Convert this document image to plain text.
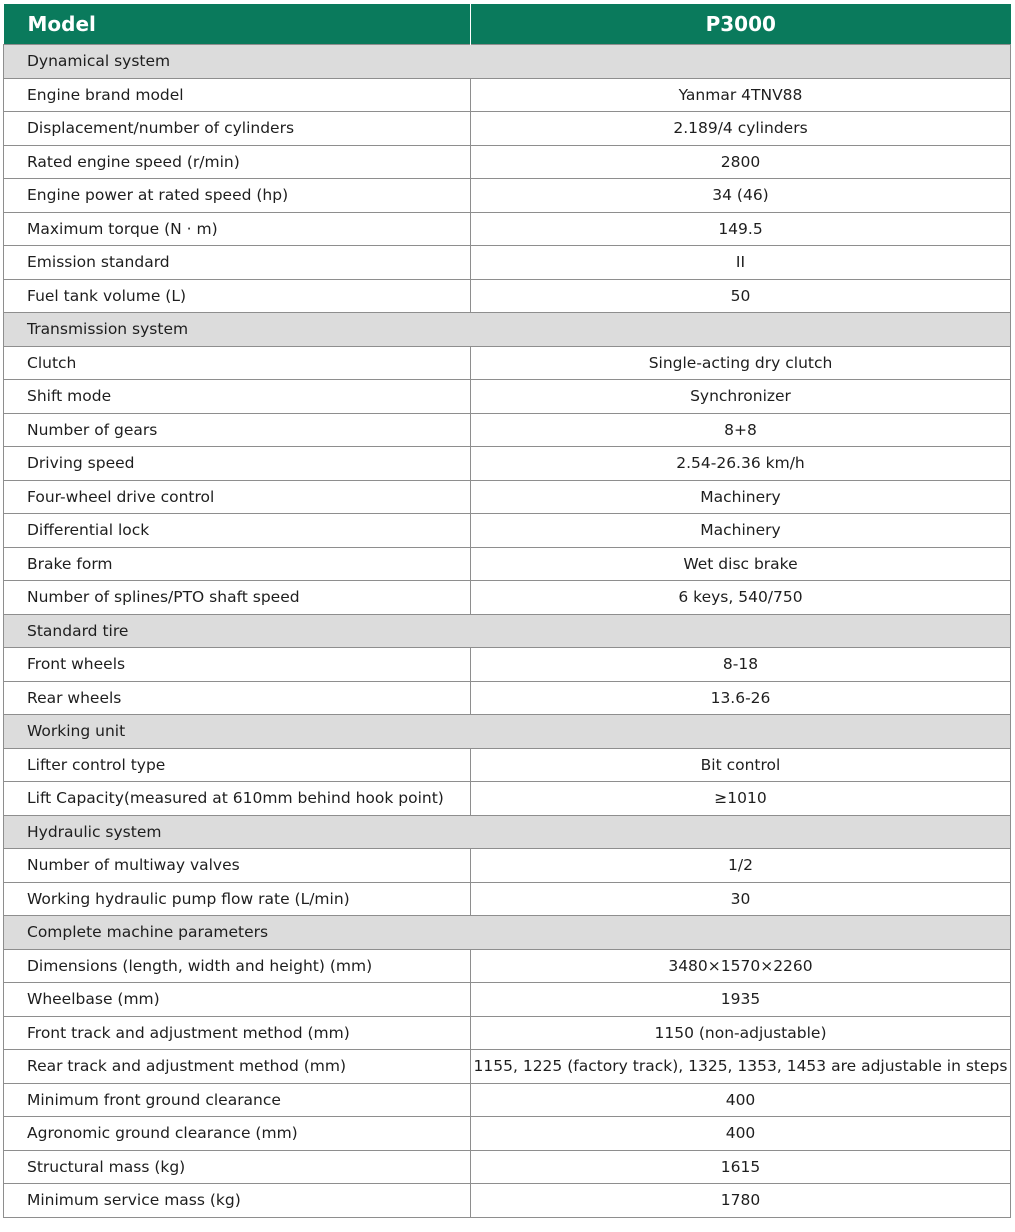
Model	P3000
Dynamical system	
Engine brand model	Yanmar 4TNV88
Displacement/number of cylinders	2.189/4 cylinders
Rated engine speed (r/min)	2800
Engine power at rated speed (hp)	34 (46)
Maximum torque (N · m)	149.5
Emission standard	II
Fuel tank volume (L)	50
Transmission system	
Clutch	Single-acting dry clutch
Shift mode	Synchronizer
Number of gears	8+8
Driving speed	2.54-26.36 km/h
Four-wheel drive control	Machinery
Differential lock	Machinery
Brake form	Wet disc brake
Number of splines/PTO shaft speed	6 keys, 540/750
Standard tire	
Front wheels	8-18
Rear wheels	13.6-26
Working unit	
Lifter control type	Bit control
Lift Capacity(measured at 610mm behind hook point)	≥1010
Hydraulic system	
Number of multiway valves	1/2
Working hydraulic pump flow rate (L/min)	30
Complete machine parameters	
Dimensions (length, width and height) (mm)	3480×1570×2260
Wheelbase (mm)	1935
Front track and adjustment method (mm)	1150 (non-adjustable)
Rear track and adjustment method (mm)	1155, 1225 (factory track), 1325, 1353, 1453 are adjustable in steps
Minimum front ground clearance	400
Agronomic ground clearance (mm)	400
Structural mass (kg)	1615
Minimum service mass (kg)	1780
